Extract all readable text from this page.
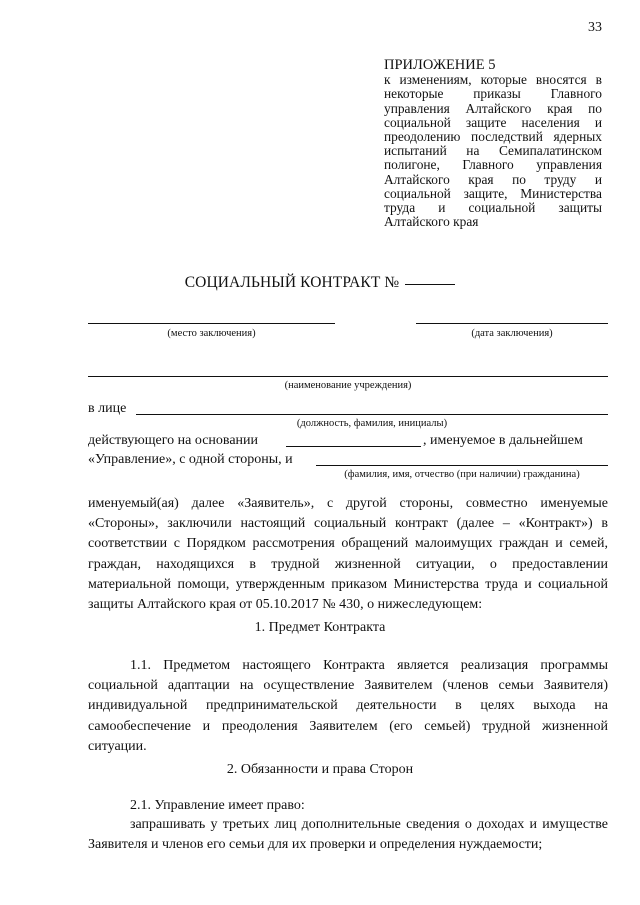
33
ПРИЛОЖЕНИЕ 5
к изменениям, которые вносятся в некоторые приказы Главного управления Алтайского края по социальной защите населения и преодолению последствий ядерных испытаний на Семипалатинском полигоне, Главного управления Алтайского края по труду и социальной защите, Министерства труда и социальной защиты Алтайского края
СОЦИАЛЬНЫЙ КОНТРАКТ №
(место заключения)	(дата заключения)
(наименование учреждения)
в лице
(должность, фамилия, инициалы)
действующего на основании	, именуемое в дальнейшем
«Управление», с одной стороны, и
(фамилия, имя, отчество (при наличии) гражданина)
именуемый(ая) далее «Заявитель», с другой стороны, совместно именуемые «Стороны», заключили настоящий социальный контракт (далее – «Контракт») в соответствии с Порядком рассмотрения обращений малоимущих граждан и семей, граждан, находящихся в трудной жизненной ситуации, о предоставлении материальной помощи, утвержденным приказом Министерства труда и социальной защиты Алтайского края от 05.10.2017 № 430, о нижеследующем:
1. Предмет Контракта
1.1. Предметом настоящего Контракта является реализация программы социальной адаптации на осуществление Заявителем (членов семьи Заявителя) индивидуальной предпринимательской деятельности в целях выхода на самообеспечение и преодоления Заявителем (его семьей) трудной жизненной ситуации.
2. Обязанности и права Сторон
2.1. Управление имеет право:
запрашивать у третьих лиц дополнительные сведения о доходах и имуществе Заявителя и членов его семьи для их проверки и определения нуждаемости;
